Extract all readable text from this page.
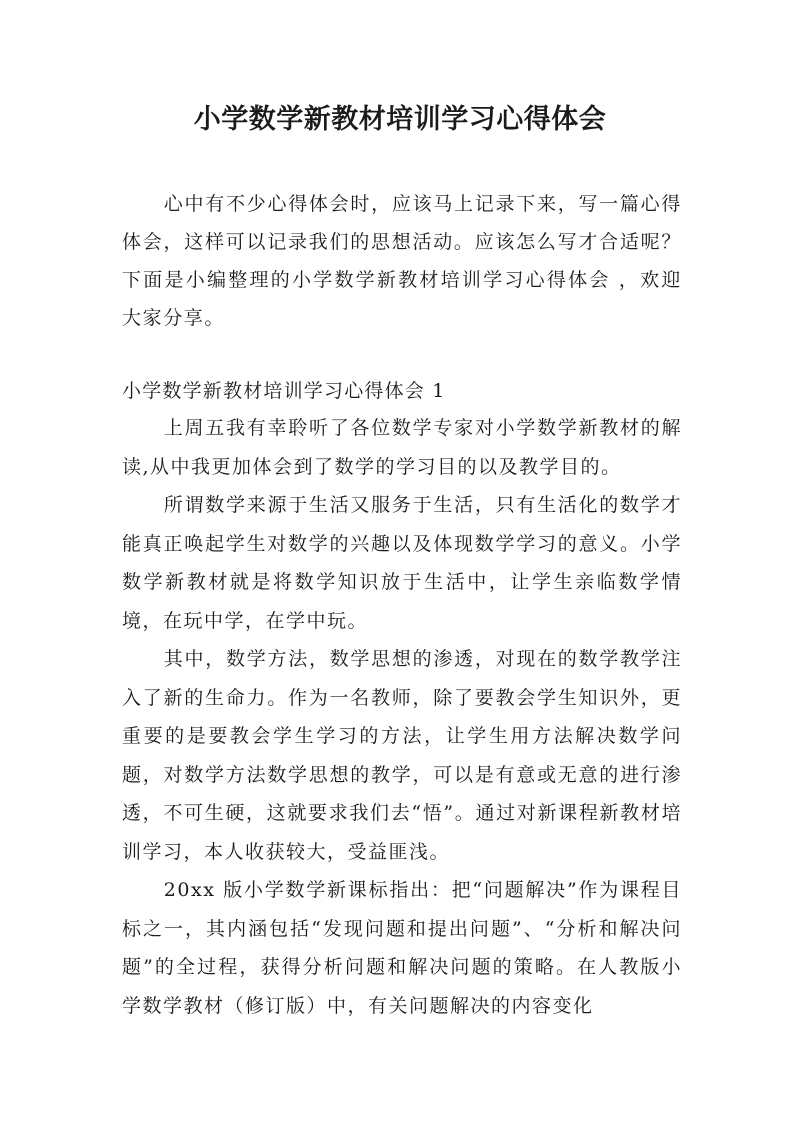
小学数学新教材培训学习心得体会

心中有不少心得体会时，应该马上记录下来，写一篇心得体会，这样可以记录我们的思想活动。应该怎么写才合适呢？下面是小编整理的小学数学新教材培训学习心得体会 ，欢迎大家分享。

小学数学新教材培训学习心得体会 1

上周五我有幸聆听了各位数学专家对小学数学新教材的解读,从中我更加体会到了数学的学习目的以及教学目的。

所谓数学来源于生活又服务于生活，只有生活化的数学才能真正唤起学生对数学的兴趣以及体现数学学习的意义。小学数学新教材就是将数学知识放于生活中，让学生亲临数学情境，在玩中学，在学中玩。

其中，数学方法，数学思想的渗透，对现在的数学教学注入了新的生命力。作为一名教师，除了要教会学生知识外，更重要的是要教会学生学习的方法，让学生用方法解决数学问题，对数学方法数学思想的教学，可以是有意或无意的进行渗透，不可生硬，这就要求我们去“悟”。通过对新课程新教材培训学习，本人收获较大，受益匪浅。

20xx 版小学数学新课标指出：把“问题解决”作为课程目标之一，其内涵包括“发现问题和提出问题”、“分析和解决问题”的全过程，获得分析问题和解决问题的策略。在人教版小学数学教材（修订版）中，有关问题解决的内容变化
